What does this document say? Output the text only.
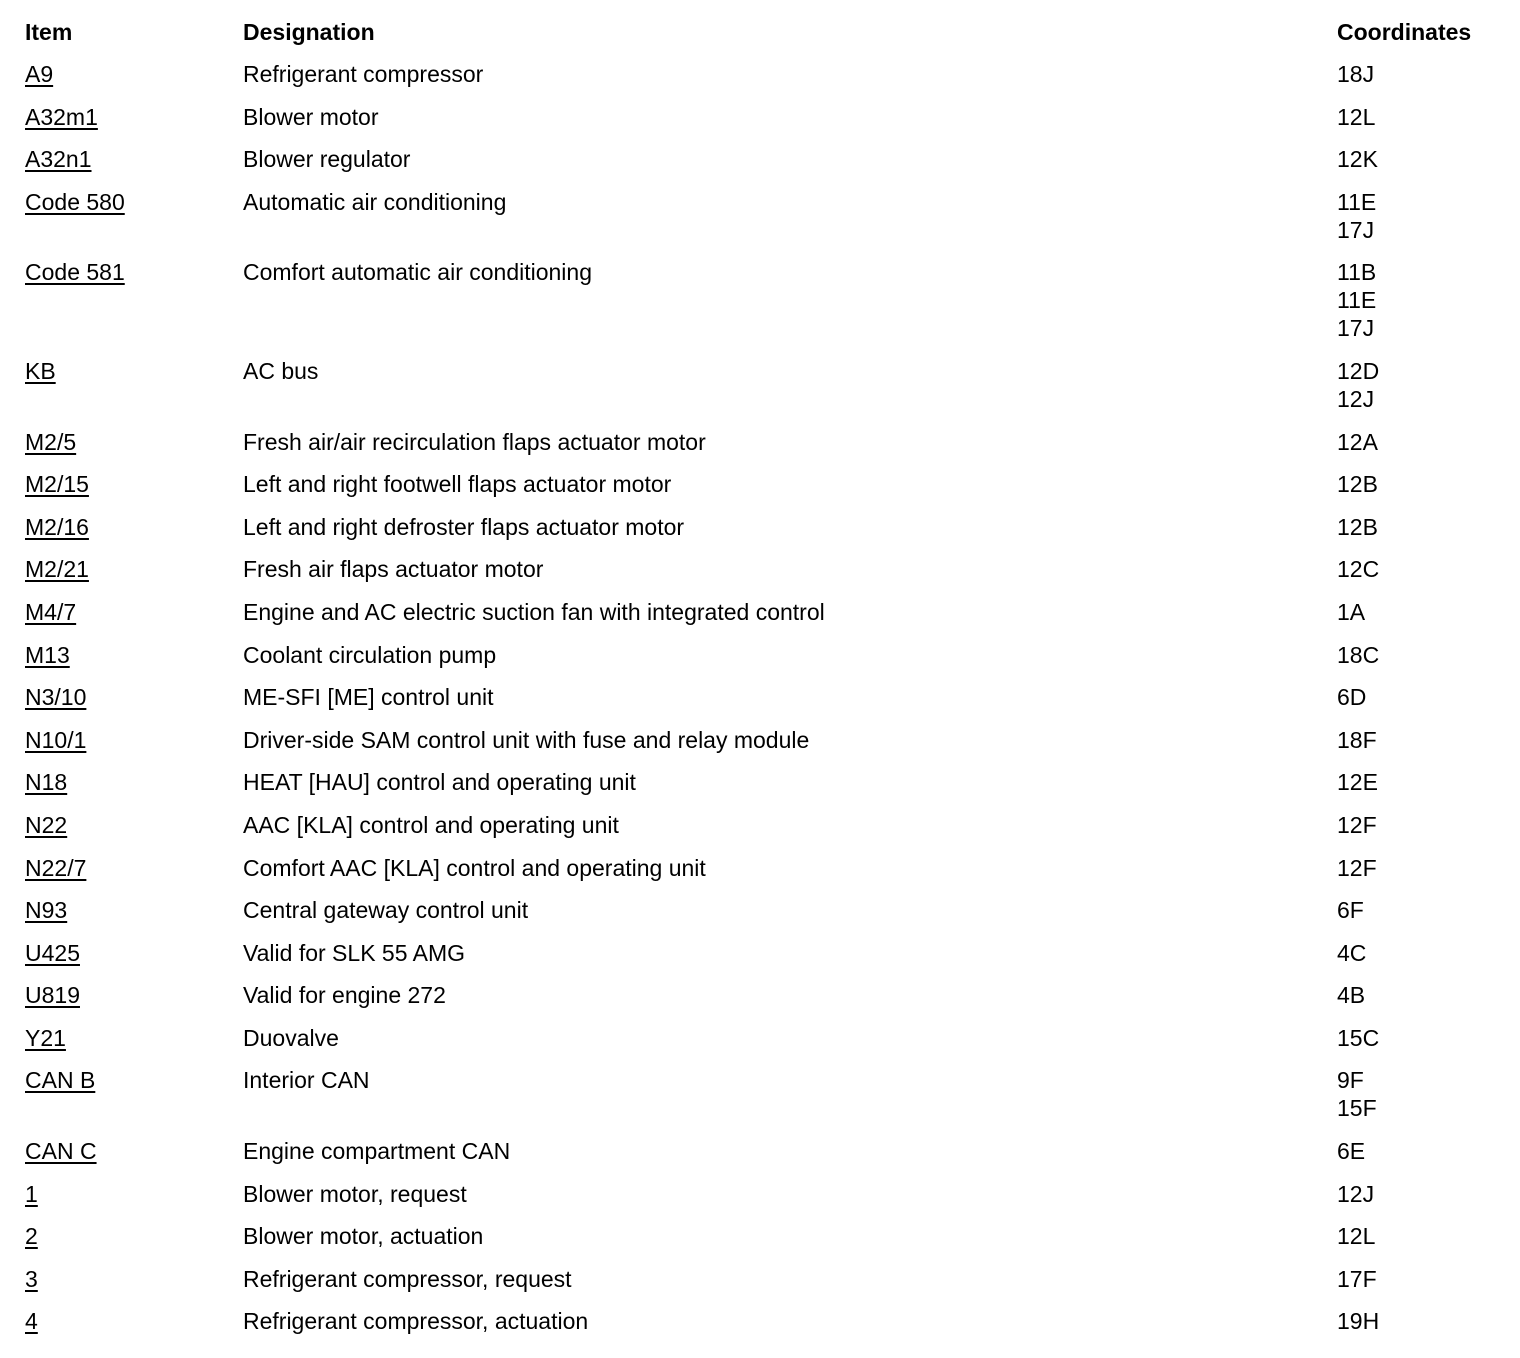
Item	Designation	Coordinates
A9	Refrigerant compressor	18J
A32m1	Blower motor	12L
A32n1	Blower regulator	12K
Code 580	Automatic air conditioning	11E
17J
Code 581	Comfort automatic air conditioning	11B
11E
17J
KB	AC bus	12D
12J
M2/5	Fresh air/air recirculation flaps actuator motor	12A
M2/15	Left and right footwell flaps actuator motor	12B
M2/16	Left and right defroster flaps actuator motor	12B
M2/21	Fresh air flaps actuator motor	12C
M4/7	Engine and AC electric suction fan with integrated control	1A
M13	Coolant circulation pump	18C
N3/10	ME-SFI [ME] control unit	6D
N10/1	Driver-side SAM control unit with fuse and relay module	18F
N18	HEAT [HAU] control and operating unit	12E
N22	AAC [KLA] control and operating unit	12F
N22/7	Comfort AAC [KLA] control and operating unit	12F
N93	Central gateway control unit	6F
U425	Valid for SLK 55 AMG	4C
U819	Valid for engine 272	4B
Y21	Duovalve	15C
CAN B	Interior CAN	9F
15F
CAN C	Engine compartment CAN	6E
1	Blower motor, request	12J
2	Blower motor, actuation	12L
3	Refrigerant compressor, request	17F
4	Refrigerant compressor, actuation	19H
